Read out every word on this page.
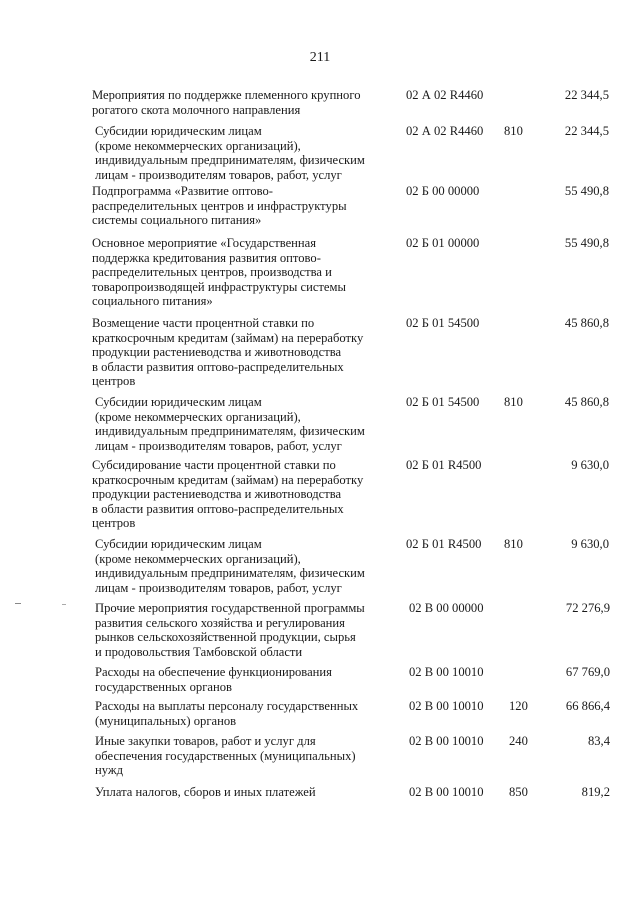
211
Мероприятия по поддержке племенного крупного
рогатого скота молочного направления
02 А 02 R4460	22 344,5
Субсидии юридическим лицам
(кроме некоммерческих организаций),
индивидуальным предпринимателям, физическим
лицам - производителям товаров, работ, услуг
02 А 02 R4460 810	22 344,5
Подпрограмма «Развитие оптово-
распределительных центров и инфраструктуры
системы социального питания»
02 Б 00 00000	55 490,8
Основное мероприятие «Государственная
поддержка кредитования развития оптово-
распределительных центров, производства и
товаропроизводящей инфраструктуры системы
социального питания»
02 Б 01 00000	55 490,8
Возмещение части процентной ставки по
краткосрочным кредитам (займам) на переработку
продукции растениеводства и животноводства
в области развития оптово-распределительных
центров
02 Б 01 54500	45 860,8
Субсидии юридическим лицам
(кроме некоммерческих организаций),
индивидуальным предпринимателям, физическим
лицам - производителям товаров, работ, услуг
02 Б 01 54500 810	45 860,8
Субсидирование части процентной ставки по
краткосрочным кредитам (займам) на переработку
продукции растениеводства и животноводства
в области развития оптово-распределительных
центров
02 Б 01 R4500	9 630,0
Субсидии юридическим лицам
(кроме некоммерческих организаций),
индивидуальным предпринимателям, физическим
лицам - производителям товаров, работ, услуг
02 Б 01 R4500 810	9 630,0
Прочие мероприятия государственной программы
развития сельского хозяйства и регулирования
рынков сельскохозяйственной продукции, сырья
и продовольствия Тамбовской области
02 В 00 00000	72 276,9
Расходы на обеспечение функционирования
государственных органов
02 В 00 10010	67 769,0
Расходы на выплаты персоналу государственных
(муниципальных) органов
02 В 00 10010 120	66 866,4
Иные закупки товаров, работ и услуг для
обеспечения государственных (муниципальных)
нужд
02 В 00 10010 240	83,4
Уплата налогов, сборов и иных платежей	02 В 00 10010 850	819,2
